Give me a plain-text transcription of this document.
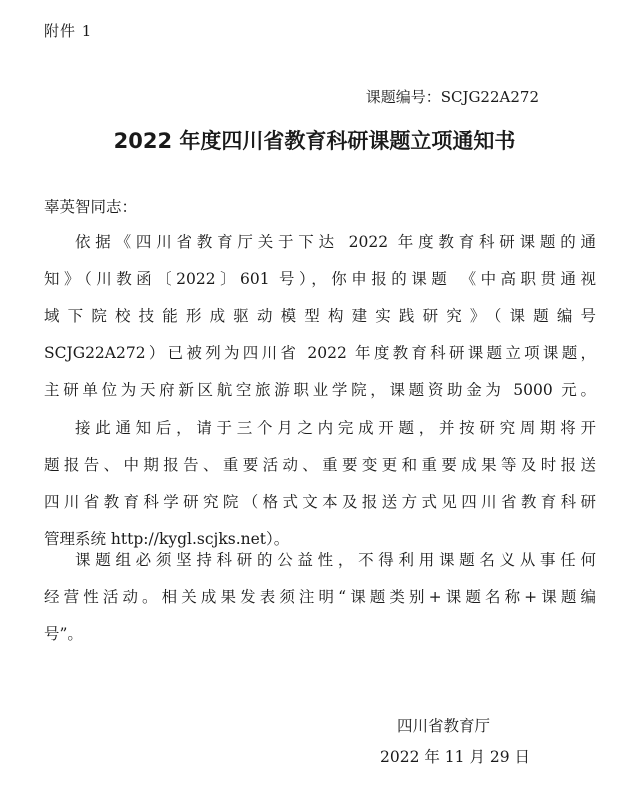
附件 1
课题编号：SCJG22A272
2022 年度四川省教育科研课题立项通知书
辜英智同志：
依据《四川省教育厅关于下达 2022 年度教育科研课题的通
知》（川教函〔2022〕601 号），你申报的课题 《中高职贯通视
域下院校技能形成驱动模型构建实践研究》（课题编号
SCJG22A272）已被列为四川省 2022 年度教育科研课题立项课题，
主研单位为天府新区航空旅游职业学院，课题资助金为 5000 元。
接此通知后，请于三个月之内完成开题，并按研究周期将开
题报告、中期报告、重要活动、重要变更和重要成果等及时报送
四川省教育科学研究院（格式文本及报送方式见四川省教育科研
管理系统 http://kygl.scjks.net）。
课题组必须坚持科研的公益性，不得利用课题名义从事任何
经营性活动。相关成果发表须注明“课题类别+课题名称+课题编
号”。
四川省教育厅
2022 年 11 月 29 日
